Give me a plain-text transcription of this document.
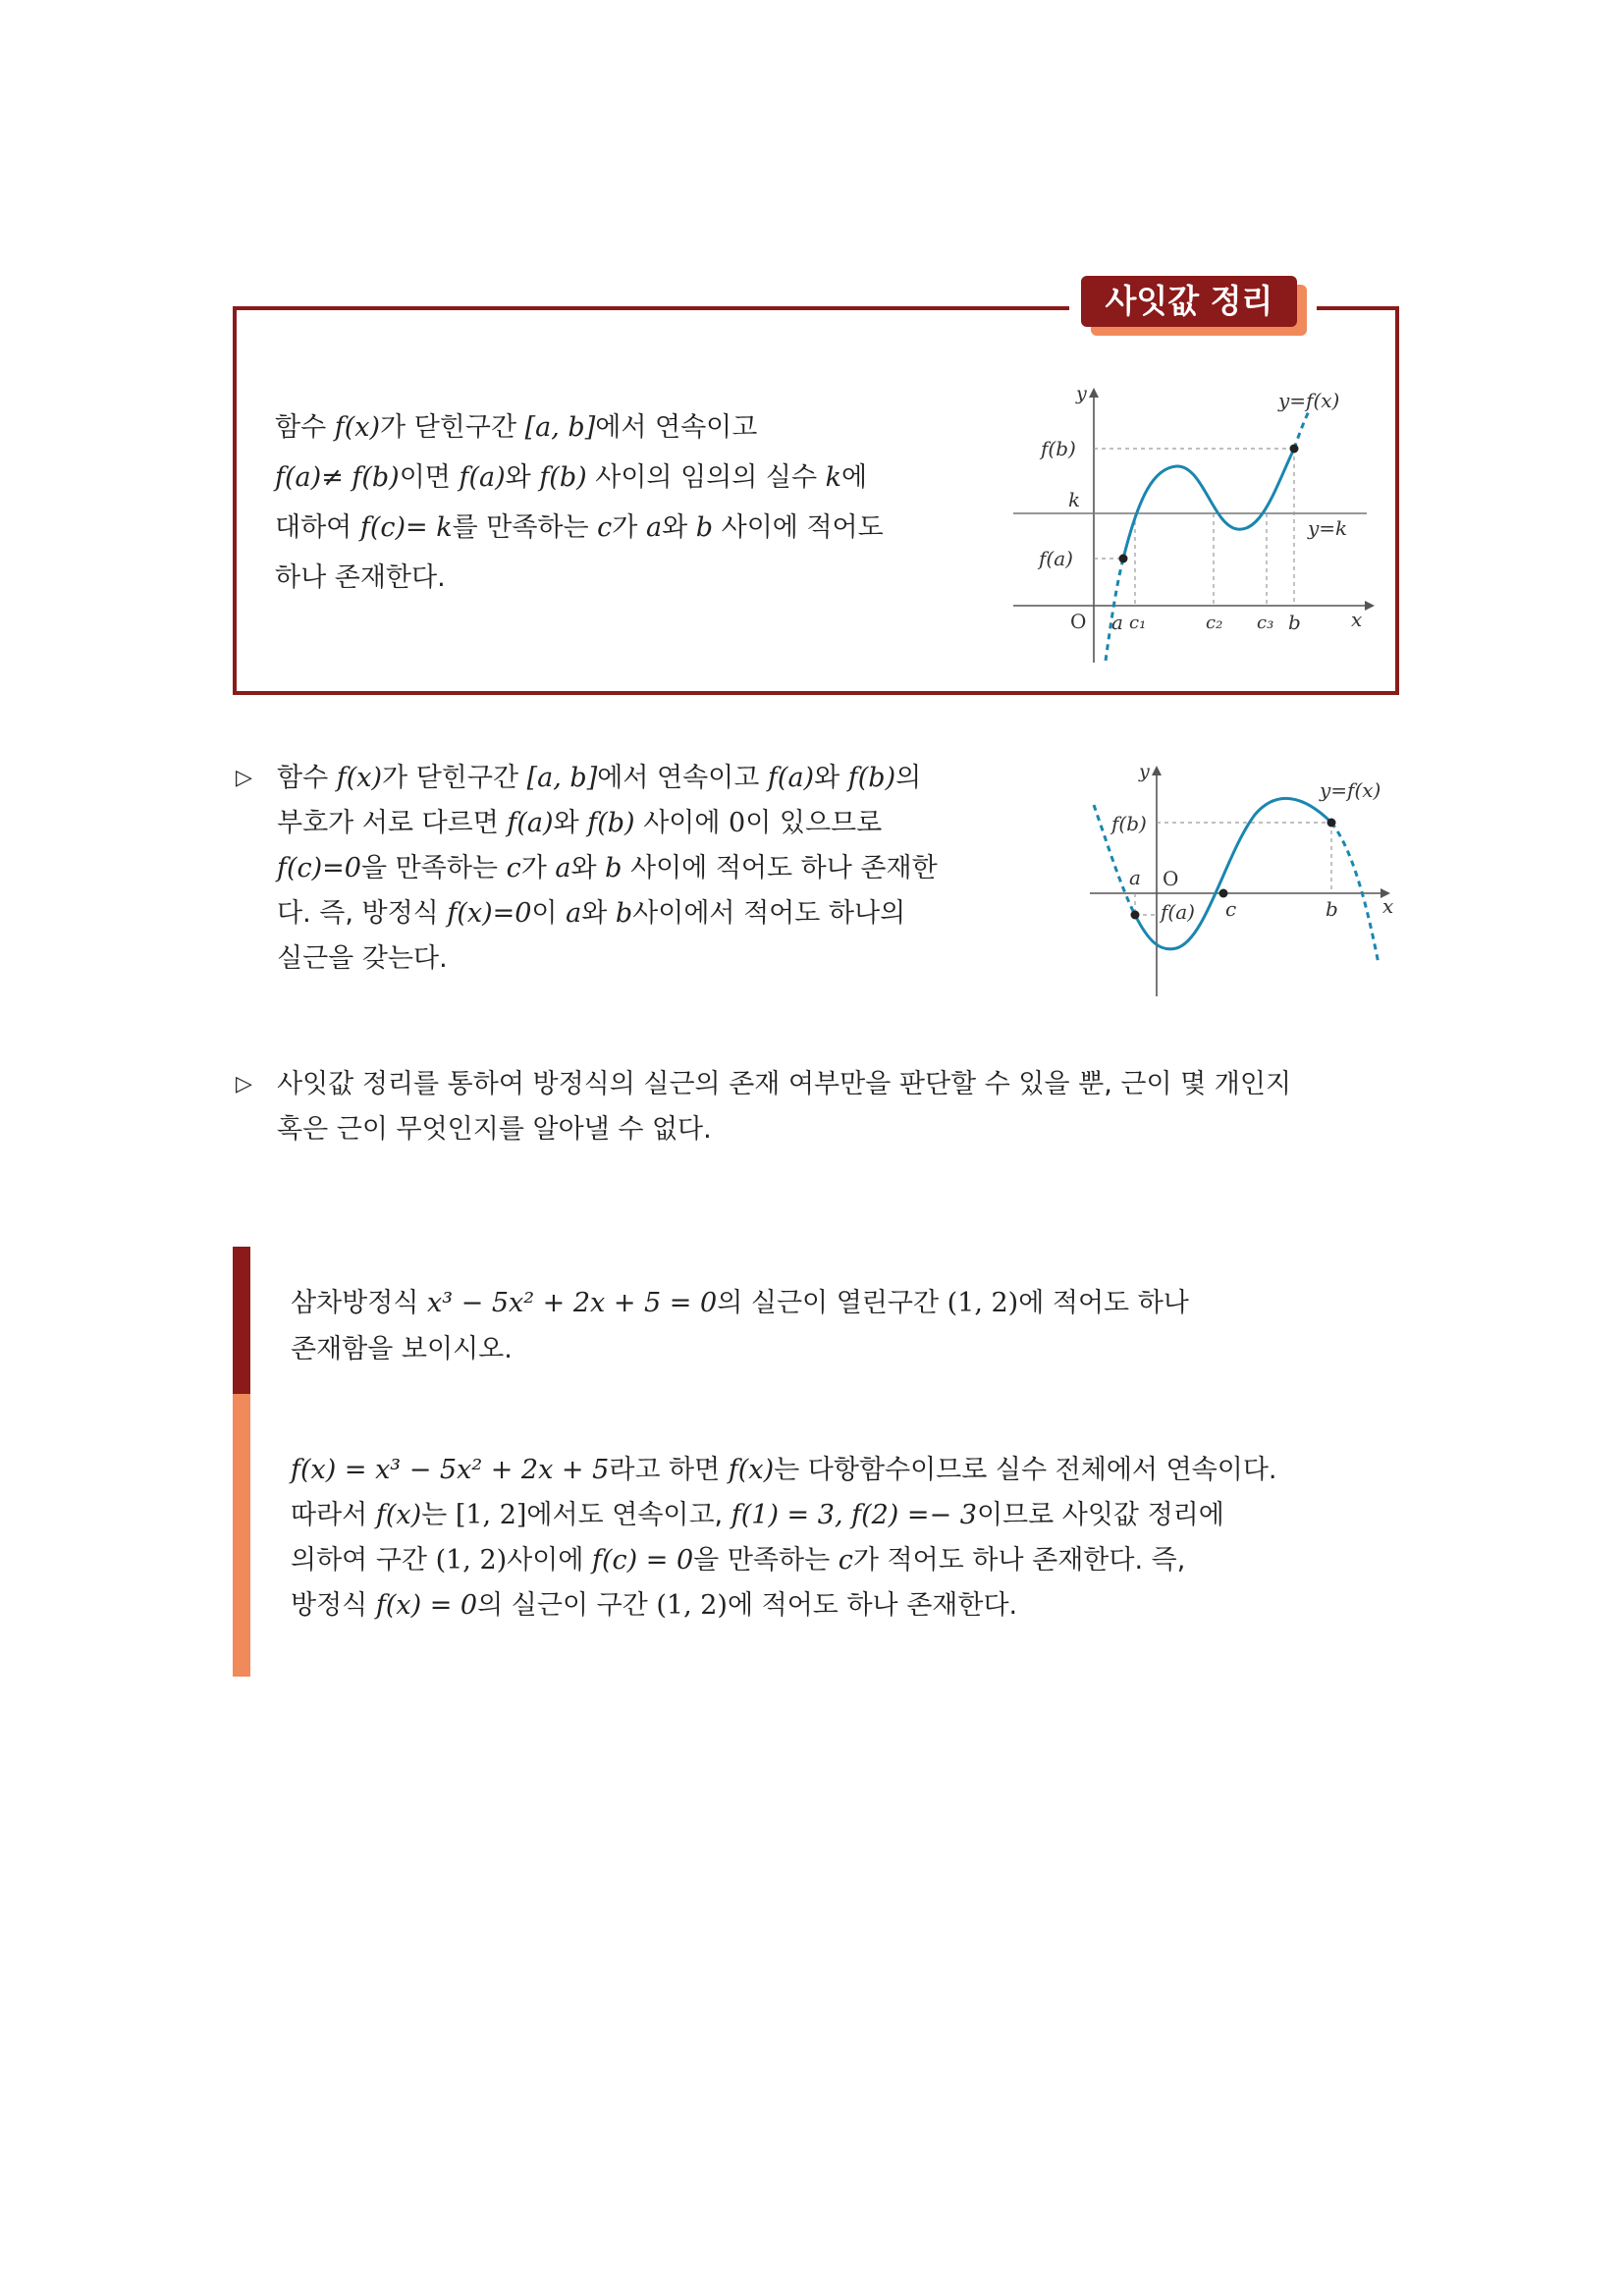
사잇값 정리
함수 f(x)가 닫힌구간 [a, b]에서 연속이고
f(a)≠ f(b)이면 f(a)와 f(b) 사이의 임의의 실수 k에
대하여 f(c)= k를 만족하는 c가 a와 b 사이에 적어도
하나 존재한다.
y	y=f(x)
f(b)
k
y=k
f(a)
O a c₁	c₂ c₃ b	x
▷ 함수 f(x)가 닫힌구간 [a, b]에서 연속이고 f(a)와 f(b)의
부호가 서로 다르면 f(a)와 f(b) 사이에 0이 있으므로
f(c)=0을 만족하는 c가 a와 b 사이에 적어도 하나 존재한
다. 즉, 방정식 f(x)=0이 a와 b사이에서 적어도 하나의
실근을 갖는다.
y
y=f(x)
f(b)
a O
f(a) c	b x
▷ 사잇값 정리를 통하여 방정식의 실근의 존재 여부만을 판단할 수 있을 뿐, 근이 몇 개인지
혹은 근이 무엇인지를 알아낼 수 없다.
삼차방정식 x³ − 5x² + 2x + 5 = 0의 실근이 열린구간 (1, 2)에 적어도 하나
존재함을 보이시오.
f(x) = x³ − 5x² + 2x + 5라고 하면 f(x)는 다항함수이므로 실수 전체에서 연속이다.
따라서 f(x)는 [1, 2]에서도 연속이고, f(1) = 3, f(2) =− 3이므로 사잇값 정리에
의하여 구간 (1, 2)사이에 f(c) = 0을 만족하는 c가 적어도 하나 존재한다. 즉,
방정식 f(x) = 0의 실근이 구간 (1, 2)에 적어도 하나 존재한다.
